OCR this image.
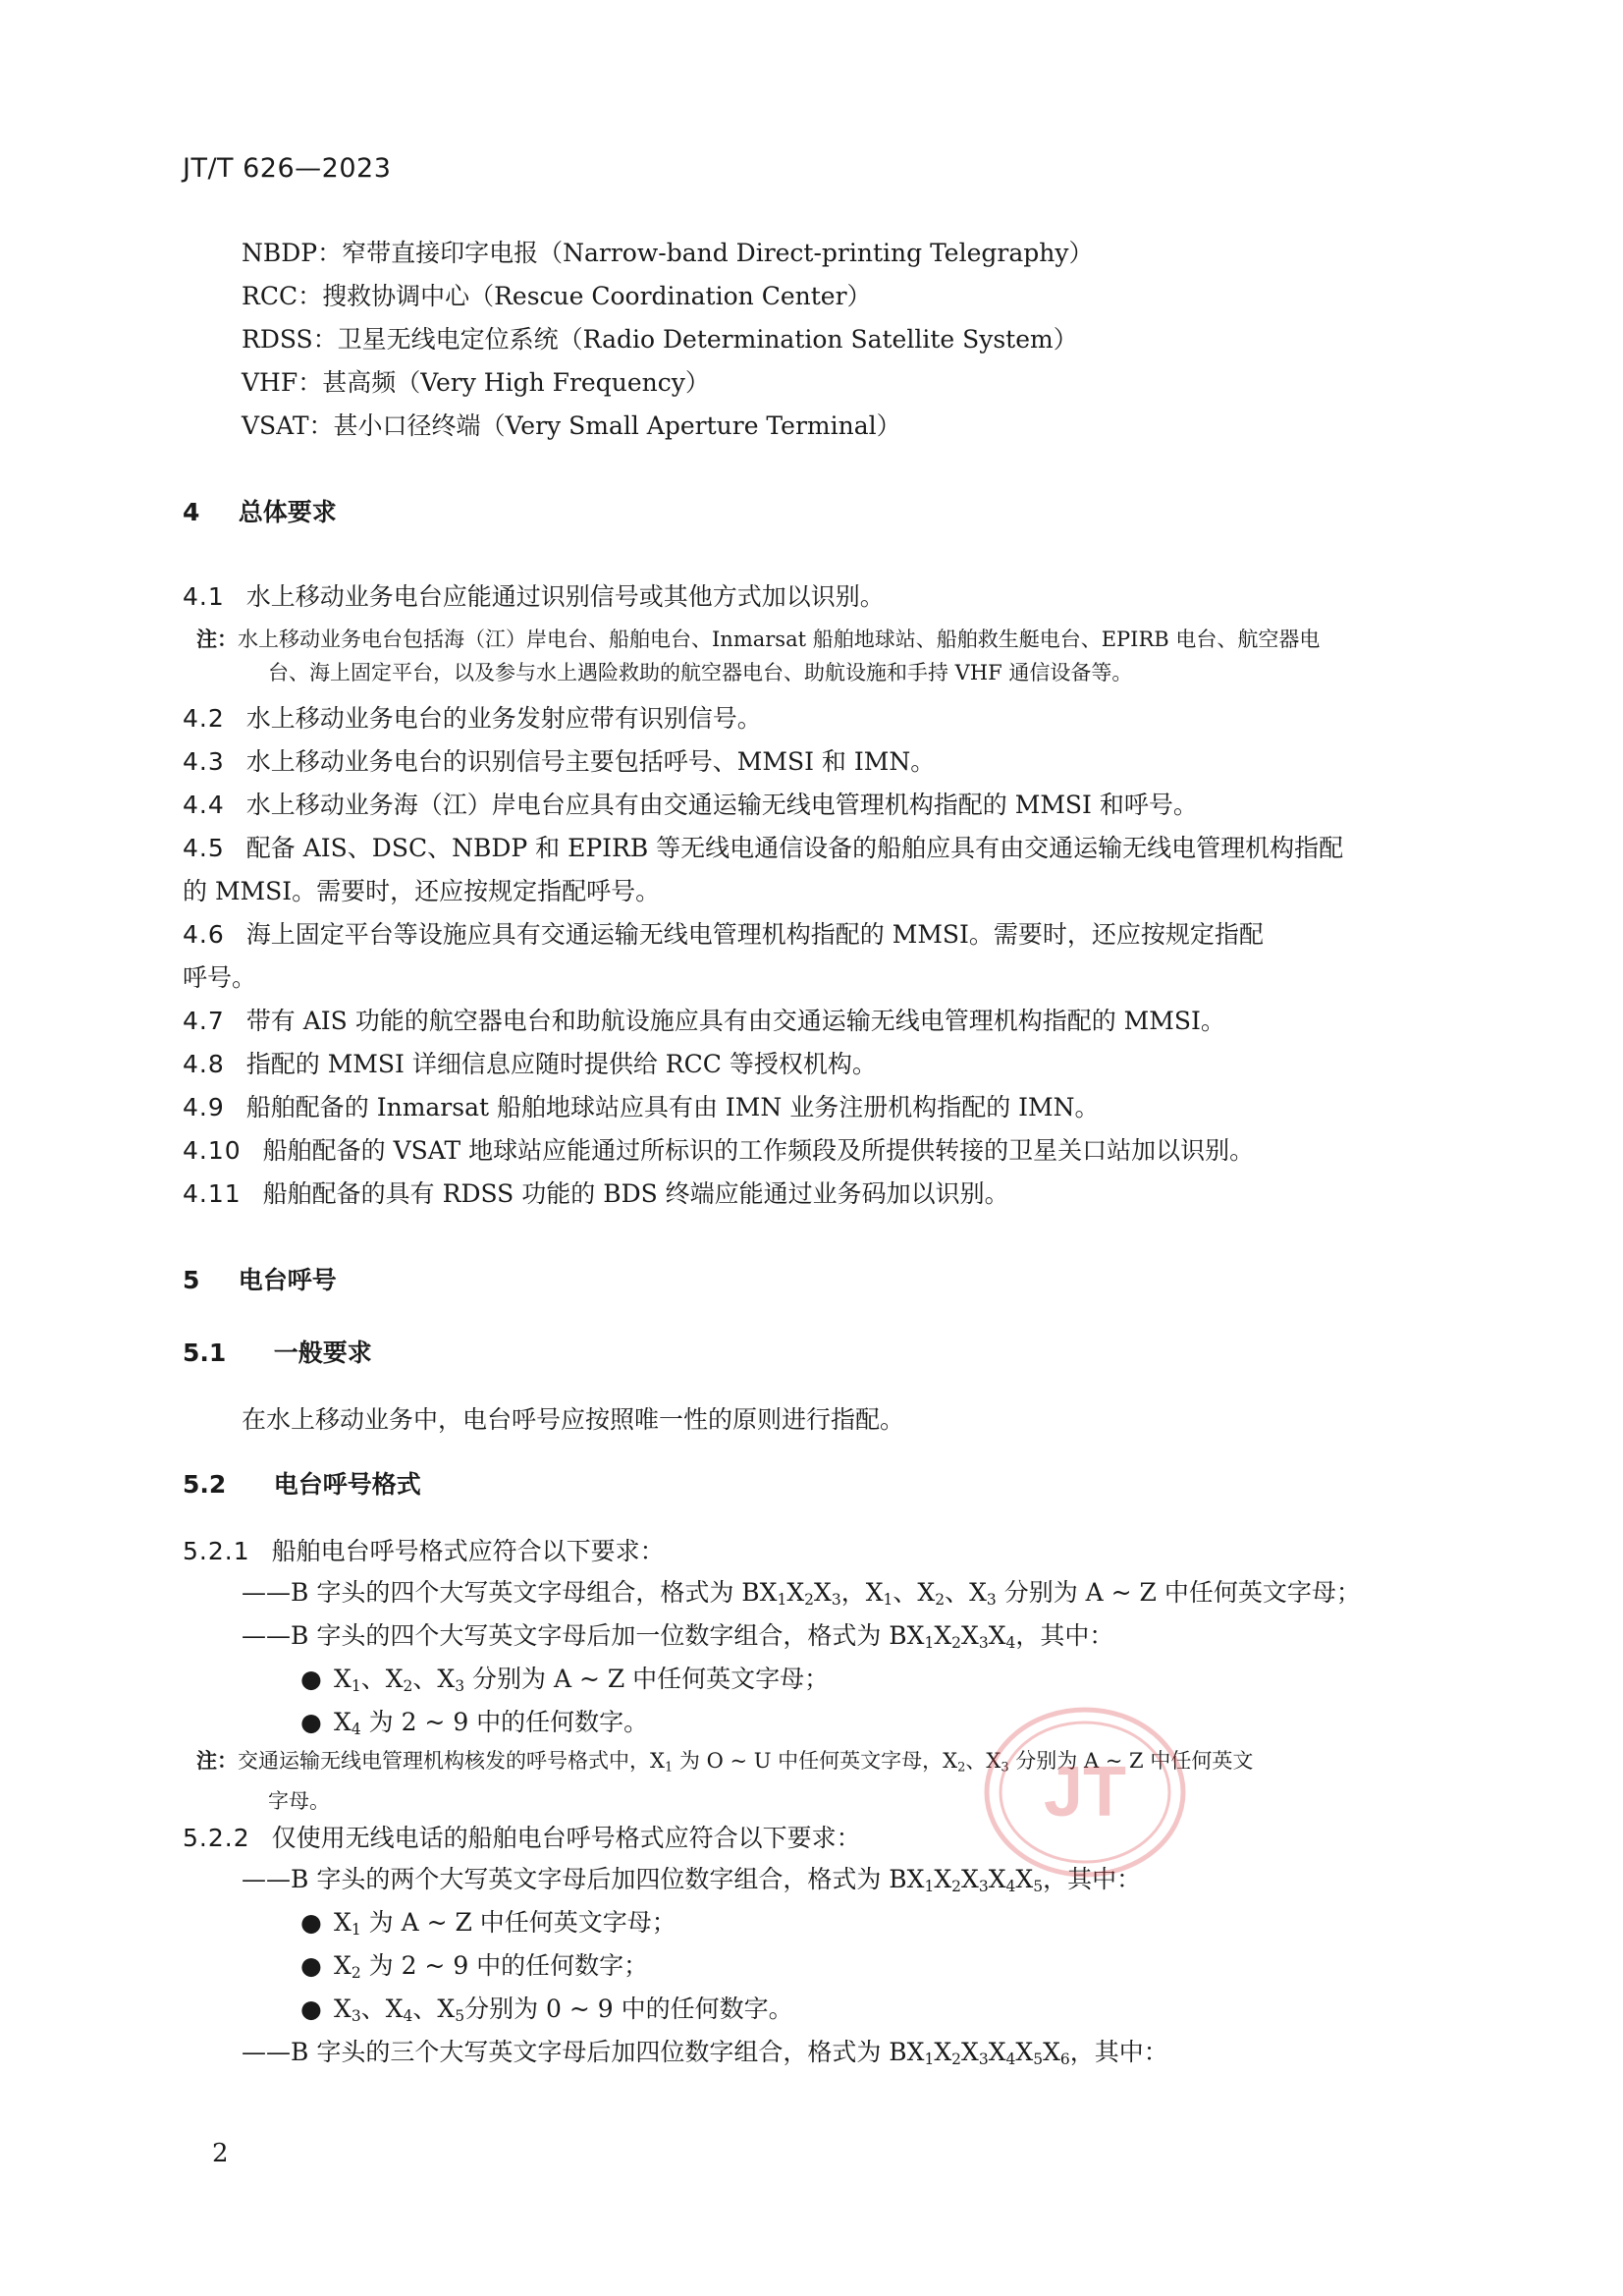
JT/T 626—2023
NBDP：窄带直接印字电报（Narrow-band Direct-printing Telegraphy）
RCC：搜救协调中心（Rescue Coordination Center）
RDSS：卫星无线电定位系统（Radio Determination Satellite System）
VHF：甚高频（Very High Frequency）
VSAT：甚小口径终端（Very Small Aperture Terminal）
4 总体要求
4.1 水上移动业务电台应能通过识别信号或其他方式加以识别。
注：水上移动业务电台包括海（江）岸电台、船舶电台、Inmarsat 船舶地球站、船舶救生艇电台、EPIRB 电台、航空器电
台、海上固定平台，以及参与水上遇险救助的航空器电台、助航设施和手持 VHF 通信设备等。
4.2 水上移动业务电台的业务发射应带有识别信号。
4.3 水上移动业务电台的识别信号主要包括呼号、MMSI 和 IMN。
4.4 水上移动业务海（江）岸电台应具有由交通运输无线电管理机构指配的 MMSI 和呼号。
4.5 配备 AIS、DSC、NBDP 和 EPIRB 等无线电通信设备的船舶应具有由交通运输无线电管理机构指配
的 MMSI。需要时，还应按规定指配呼号。
4.6 海上固定平台等设施应具有交通运输无线电管理机构指配的 MMSI。需要时，还应按规定指配
呼号。
4.7 带有 AIS 功能的航空器电台和助航设施应具有由交通运输无线电管理机构指配的 MMSI。
4.8 指配的 MMSI 详细信息应随时提供给 RCC 等授权机构。
4.9 船舶配备的 Inmarsat 船舶地球站应具有由 IMN 业务注册机构指配的 IMN。
4.10 船舶配备的 VSAT 地球站应能通过所标识的工作频段及所提供转接的卫星关口站加以识别。
4.11 船舶配备的具有 RDSS 功能的 BDS 终端应能通过业务码加以识别。
5 电台呼号
5.1 一般要求
在水上移动业务中，电台呼号应按照唯一性的原则进行指配。
5.2 电台呼号格式
5.2.1 船舶电台呼号格式应符合以下要求：
——B 字头的四个大写英文字母组合，格式为 $BX_1X_2X_3$，$X_1$、$X_2$、$X_3$ 分别为 A ~ Z 中任何英文字母；
——B 字头的四个大写英文字母后加一位数字组合，格式为 $BX_1X_2X_3X_4$，其中：
● $X_1$、$X_2$、$X_3$ 分别为 A ~ Z 中任何英文字母；
● $X_4$ 为 2 ~ 9 中的任何数字。
注：交通运输无线电管理机构核发的呼号格式中，$X_1$ 为 O ~ U 中任何英文字母，$X_2$、$X_3$ 分别为 A ~ Z 中任何英文
字母。
5.2.2 仅使用无线电话的船舶电台呼号格式应符合以下要求：
——B 字头的两个大写英文字母后加四位数字组合，格式为 $BX_1X_2X_3X_4X_5$，其中：
● $X_1$ 为 A ~ Z 中任何英文字母；
● $X_2$ 为 2 ~ 9 中的任何数字；
● $X_3$、$X_4$、$X_5$分别为 0 ~ 9 中的任何数字。
——B 字头的三个大写英文字母后加四位数字组合，格式为 $BX_1X_2X_3X_4X_5X_6$，其中：
JT
2
